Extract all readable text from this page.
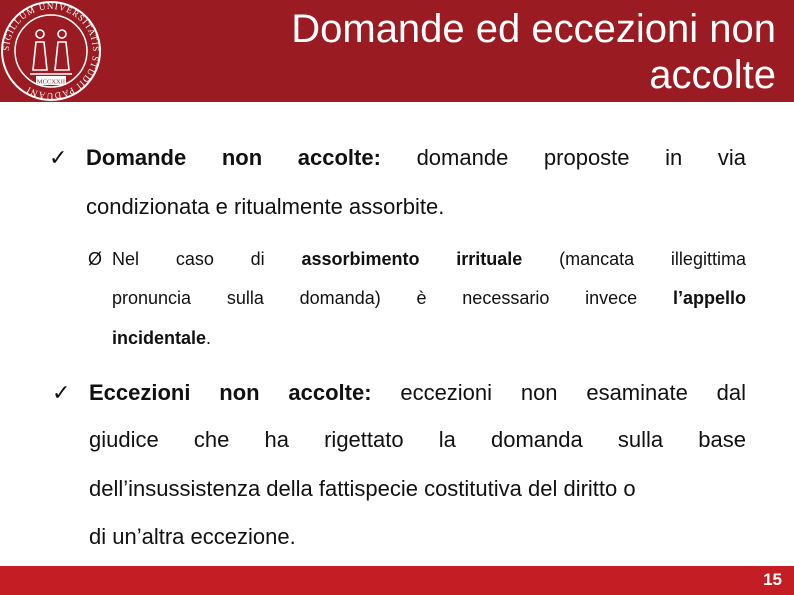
SIGILLUM UNIVERSITATIS STUDII PADUANI
MCCXXII
Domande ed eccezioni non
accolte
✓ Domande non accolte: domande proposte in via
condizionata e ritualmente assorbite.
Ø Nel caso di assorbimento irrituale (mancata illegittima
pronuncia sulla domanda) è necessario invece l’appello
incidentale.
✓ Eccezioni non accolte: eccezioni non esaminate dal
giudice che ha rigettato la domanda sulla base
dell’insussistenza della fattispecie costitutiva del diritto o
di un’altra eccezione.
15
